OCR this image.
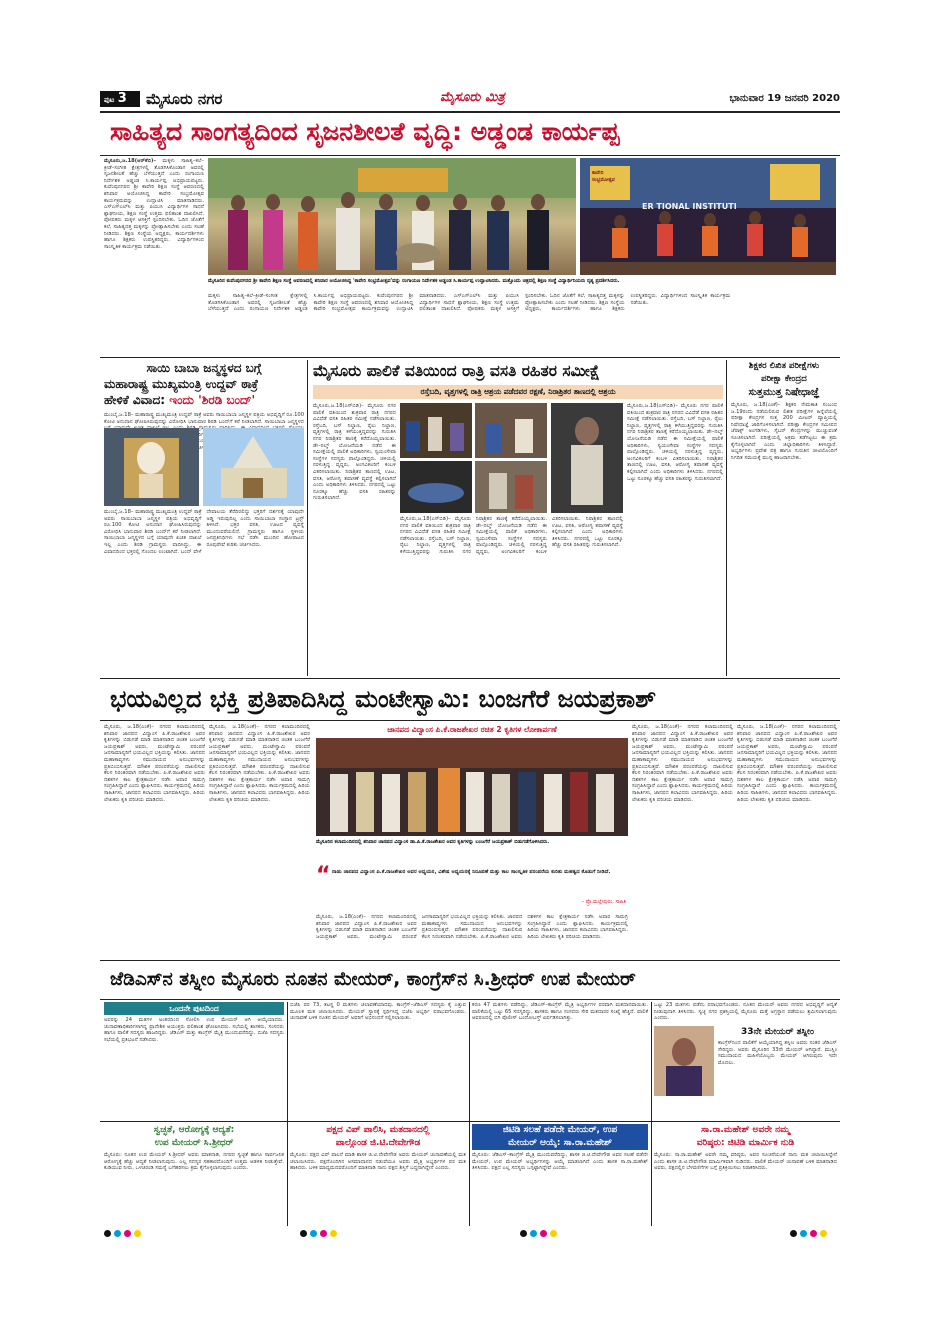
ಪುಟ 3	ಮೈಸೂರು ನಗರ	ಮೈಸೂರು ಮಿತ್ರ	ಭಾನುವಾರ 19 ಜನವರಿ 2020
ಸಾಹಿತ್ಯದ ಸಾಂಗತ್ಯದಿಂದ ಸೃಜನಶೀಲತೆ ವೃದ್ಧಿ: ಅಡ್ಡಂಡ ಕಾರ್ಯಪ್ಪ
ಮೈಸೂರು,ಜ.18(ಆರ್‌ಕೆಬಿ)– ಮಕ್ಕಳು ಸಾಹಿತ್ಯ–ಕಲೆ–ಕ್ರೀಡೆ–ಸಂಗೀತ ಕ್ಷೇತ್ರಗಳಲ್ಲಿ ತೊಡಗಿಸಿಕೊಂಡಾಗ ಅವರಲ್ಲಿ ಸೃಜನಶೀಲತೆ ಹೆಚ್ಚು ಬೆಳೆಯುತ್ತದೆ ಎಂದು ರಂಗಾಯಣ ನಿರ್ದೇಶಕ ಅಡ್ಡಂಡ ಸಿ.ಕಾರ್ಯಪ್ಪ ಅಭಿಪ್ರಾಯಪಟ್ಟರು. ಕುವೆಂಪುನಗರದ ಶ್ರೀ ಕಾವೇರಿ ಶಿಕ್ಷಣ ಸಂಸ್ಥೆ ಆವರಣದಲ್ಲಿ ಶನಿವಾರ ಆಯೋಜಿಸಿದ್ದ ಕಾವೇರಿ ಸಂಭ್ರಮೋತ್ಸವ ಕಾರ್ಯಕ್ರಮವನ್ನು ಉದ್ಘಾಟಿಸಿ ಮಾತನಾಡಿದರು. ಎಸ್‌ಎಸ್‌ಎಲ್‌ಸಿ ಮತ್ತು ಪಿಯುಸಿ ವಿದ್ಯಾರ್ಥಿಗಳ ಸಾಧನೆ ಶ್ಲಾಘನೀಯ, ಶಿಕ್ಷಣ ಸಂಸ್ಥೆ ಉತ್ತಮ ಫಲಿತಾಂಶ ದಾಖಲಿಸಿದೆ. ಪೋಷಕರು ಮಕ್ಕಳ ಆಸಕ್ತಿಗೆ ಸ್ಪಂದಿಸಬೇಕು. ಓದಿನ ಜೊತೆಗೆ ಕಲೆ, ಸಾಹಿತ್ಯದತ್ತ ಮಕ್ಕಳನ್ನು ಪ್ರೋತ್ಸಾಹಿಸಬೇಕು ಎಂದು ಸಲಹೆ ನೀಡಿದರು. ಶಿಕ್ಷಣ ಸಂಸ್ಥೆಯ ಅಧ್ಯಕ್ಷರು, ಕಾರ್ಯದರ್ಶಿಗಳು ಹಾಗೂ ಶಿಕ್ಷಕರು ಉಪಸ್ಥಿತರಿದ್ದರು. ವಿದ್ಯಾರ್ಥಿಗಳಿಂದ ಸಾಂಸ್ಕೃತಿಕ ಕಾರ್ಯಕ್ರಮ ನಡೆಯಿತು.
ಕಾವೇರಿ
ಸಂಭ್ರಮೋತ್ಸವ
ER TIONAL INSTITUTI
ಮೈಸೂರಿನ ಕುವೆಂಪುನಗರದ ಶ್ರೀ ಕಾವೇರಿ ಶಿಕ್ಷಣ ಸಂಸ್ಥೆ ಆವರಣದಲ್ಲಿ ಶನಿವಾರ ಆಯೋಜಿಸಿದ್ದ 'ಕಾವೇರಿ ಸಂಭ್ರಮೋತ್ಸವ'ವನ್ನು ರಂಗಾಯಣ ನಿರ್ದೇಶಕ ಅಡ್ಡಂಡ ಸಿ.ಕಾರ್ಯಪ್ಪ ಉದ್ಘಾಟಿಸಿದರು. ಮತ್ತೊಂದು ಚಿತ್ರದಲ್ಲಿ ಶಿಕ್ಷಣ ಸಂಸ್ಥೆ ವಿದ್ಯಾರ್ಥಿನಿಯರು ನೃತ್ಯ ಪ್ರದರ್ಶಿಸಿದರು.
ಮಕ್ಕಳು ಸಾಹಿತ್ಯ–ಕಲೆ–ಕ್ರೀಡೆ–ಸಂಗೀತ ಕ್ಷೇತ್ರಗಳಲ್ಲಿ ತೊಡಗಿಸಿಕೊಂಡಾಗ ಅವರಲ್ಲಿ ಸೃಜನಶೀಲತೆ ಹೆಚ್ಚು ಬೆಳೆಯುತ್ತದೆ ಎಂದು ರಂಗಾಯಣ ನಿರ್ದೇಶಕ ಅಡ್ಡಂಡ ಸಿ.ಕಾರ್ಯಪ್ಪ ಅಭಿಪ್ರಾಯಪಟ್ಟರು. ಕುವೆಂಪುನಗರದ ಶ್ರೀ ಕಾವೇರಿ ಶಿಕ್ಷಣ ಸಂಸ್ಥೆ ಆವರಣದಲ್ಲಿ ಶನಿವಾರ ಆಯೋಜಿಸಿದ್ದ ಕಾವೇರಿ ಸಂಭ್ರಮೋತ್ಸವ ಕಾರ್ಯಕ್ರಮವನ್ನು ಉದ್ಘಾಟಿಸಿ ಮಾತನಾಡಿದರು. ಎಸ್‌ಎಸ್‌ಎಲ್‌ಸಿ ಮತ್ತು ಪಿಯುಸಿ ವಿದ್ಯಾರ್ಥಿಗಳ ಸಾಧನೆ ಶ್ಲಾಘನೀಯ, ಶಿಕ್ಷಣ ಸಂಸ್ಥೆ ಉತ್ತಮ ಫಲಿತಾಂಶ ದಾಖಲಿಸಿದೆ. ಪೋಷಕರು ಮಕ್ಕಳ ಆಸಕ್ತಿಗೆ ಸ್ಪಂದಿಸಬೇಕು. ಓದಿನ ಜೊತೆಗೆ ಕಲೆ, ಸಾಹಿತ್ಯದತ್ತ ಮಕ್ಕಳನ್ನು ಪ್ರೋತ್ಸಾಹಿಸಬೇಕು ಎಂದು ಸಲಹೆ ನೀಡಿದರು. ಶಿಕ್ಷಣ ಸಂಸ್ಥೆಯ ಅಧ್ಯಕ್ಷರು, ಕಾರ್ಯದರ್ಶಿಗಳು ಹಾಗೂ ಶಿಕ್ಷಕರು ಉಪಸ್ಥಿತರಿದ್ದರು. ವಿದ್ಯಾರ್ಥಿಗಳಿಂದ ಸಾಂಸ್ಕೃತಿಕ ಕಾರ್ಯಕ್ರಮ ನಡೆಯಿತು.
ಸಾಯಿ ಬಾಬಾ ಜನ್ಮಸ್ಥಳದ ಬಗ್ಗೆ
ಮಹಾರಾಷ್ಟ್ರ ಮುಖ್ಯಮಂತ್ರಿ ಉದ್ದವ್ ಠಾಕ್ರೆ
ಹೇಳಿಕೆ ವಿವಾದ: ಇಂದು 'ಶಿರಡಿ ಬಂದ್'
ಮುಂಬೈ,ಜ.18– ಮಹಾರಾಷ್ಟ್ರ ಮುಖ್ಯಮಂತ್ರಿ ಉದ್ಧವ್ ಠಾಕ್ರೆ ಅವರು ಸಾಯಿಬಾಬಾ ಜನ್ಮಸ್ಥಳ ಪತ್ರಿಯ ಅಭಿವೃದ್ಧಿಗೆ ರೂ.100 ಕೋಟಿ ಅನುದಾನ ಘೋಷಿಸಿರುವುದನ್ನು ವಿರೋಧಿಸಿ ಭಾನುವಾರ ಶಿರಡಿ ಬಂದ್‌ಗೆ ಕರೆ ನೀಡಲಾಗಿದೆ. ಸಾಯಿಬಾಬಾ ಜನ್ಮಸ್ಥಳದ
ಮುಂಬೈ,ಜ.18– ಮಹಾರಾಷ್ಟ್ರ ಮುಖ್ಯಮಂತ್ರಿ ಉದ್ಧವ್ ಠಾಕ್ರೆ ಅವರು ಸಾಯಿಬಾಬಾ ಜನ್ಮಸ್ಥಳ ಪತ್ರಿಯ ಅಭಿವೃದ್ಧಿಗೆ ರೂ.100 ಕೋಟಿ ಅನುದಾನ ಘೋಷಿಸಿರುವುದನ್ನು ವಿರೋಧಿಸಿ ಭಾನುವಾರ ಶಿರಡಿ ಬಂದ್‌ಗೆ ಕರೆ ನೀಡಲಾಗಿದೆ. ಸಾಯಿಬಾಬಾ ಜನ್ಮಸ್ಥಳದ ಬಗ್ಗೆ ಯಾವುದೇ ಖಚಿತ ದಾಖಲೆ ಇಲ್ಲ ಎಂದು ಶಿರಡಿ ಗ್ರಾಮಸ್ಥರು ವಾದಿಸಿದ್ದು, ಈ ವಿವಾದದಿಂದ ಭಕ್ತರಲ್ಲಿ ಗೊಂದಲ ಉಂಟಾಗಿದೆ. ಬಂದ್ ವೇಳೆ ದೇವಾಲಯ ತೆರೆದಿರಲಿದ್ದು ಭಕ್ತರಿಗೆ ದರ್ಶನಕ್ಕೆ ಯಾವುದೇ ಅಡ್ಡಿ ಇರುವುದಿಲ್ಲ ಎಂದು ಸಾಯಿಬಾಬಾ ಸಂಸ್ಥಾನ ಟ್ರಸ್ಟ್ ತಿಳಿಸಿದೆ. ಭಕ್ತರ ವಸತಿ, ಊಟದ ವ್ಯವಸ್ಥೆ ಮುಂದುವರೆಯಲಿದೆ. ಗ್ರಾಮಸ್ಥರು ಹಾಗೂ ಸ್ಥಳೀಯ ಜನಪ್ರತಿನಿಧಿಗಳು ಸಭೆ ನಡೆಸಿ ಮುಂದಿನ ಹೋರಾಟದ ರೂಪುರೇಷೆ ಕುರಿತು ಚರ್ಚಿಸಿದರು.
ಮೈಸೂರು ಪಾಲಿಕೆ ವತಿಯಿಂದ ರಾತ್ರಿ ವಸತಿ ರಹಿತರ ಸಮೀಕ್ಷೆ
ರಸ್ತೆಬದಿ, ವೃತ್ತಗಳಲ್ಲಿ ರಾತ್ರಿ ಆಶ್ರಯ ಪಡೆದವರ ರಕ್ಷಣೆ, ನಿರಾಶ್ರಿತರ ತಾಣದಲ್ಲಿ ಆಶ್ರಯ
ಮೈಸೂರು,ಜ.18(ಎಸ್‌ಬಿಡಿ)– ಮೈಸೂರು ನಗರ ಪಾಲಿಕೆ ವತಿಯಿಂದ ಶುಕ್ರವಾರ ರಾತ್ರಿ ನಗರದ ವಿವಿಧೆಡೆ ವಸತಿ ರಹಿತರ ಸಮೀಕ್ಷೆ ನಡೆಸಲಾಯಿತು. ರಸ್ತೆಬದಿ, ಬಸ್ ನಿಲ್ದಾಣ, ರೈಲು ನಿಲ್ದಾಣ, ವೃತ್ತಗಳಲ್ಲಿ ರಾತ್ರಿ ಕಳೆಯುತ್ತಿದ್ದವರನ್ನು ಗುರುತಿಸಿ ನಗರ ನಿರಾಶ್ರಿತರ ತಾಣಕ್ಕೆ ಕರೆದೊಯ್ಯಲಾಯಿತು. ಡೇ–ನಲ್ಮ್ ಯೋಜನೆಯಡಿ ನಡೆದ ಈ ಸಮೀಕ್ಷೆಯಲ್ಲಿ ಪಾಲಿಕೆ ಅಧಿಕಾರಿಗಳು, ಸ್ವಯಂಸೇವಾ ಸಂಸ್ಥೆಗಳ ಸದಸ್ಯರು ಪಾಲ್ಗೊಂಡಿದ್ದರು. ಚಳಿಯಲ್ಲಿ ನರಳುತ್ತಿದ್ದ ವೃದ್ಧರು, ಅಂಗವಿಕಲರಿಗೆ ಕಂಬಳಿ ವಿತರಿಸಲಾಯಿತು. ನಿರಾಶ್ರಿತರ ತಾಣದಲ್ಲಿ ಊಟ, ವಸತಿ, ಆರೋಗ್ಯ ತಪಾಸಣೆ ವ್ಯವಸ್ಥೆ ಕಲ್ಪಿಸಲಾಗಿದೆ ಎಂದು ಅಧಿಕಾರಿಗಳು ತಿಳಿಸಿದರು. ನಗರದಲ್ಲಿ ಒಟ್ಟು ನೂರಕ್ಕೂ ಹೆಚ್ಚು ವಸತಿ ರಹಿತರನ್ನು ಗುರುತಿಸಲಾಗಿದೆ.
ಮೈಸೂರು,ಜ.18(ಎಸ್‌ಬಿಡಿ)– ಮೈಸೂರು ನಗರ ಪಾಲಿಕೆ ವತಿಯಿಂದ ಶುಕ್ರವಾರ ರಾತ್ರಿ ನಗರದ ವಿವಿಧೆಡೆ ವಸತಿ ರಹಿತರ ಸಮೀಕ್ಷೆ ನಡೆಸಲಾಯಿತು. ರಸ್ತೆಬದಿ, ಬಸ್ ನಿಲ್ದಾಣ, ರೈಲು ನಿಲ್ದಾಣ, ವೃತ್ತಗಳಲ್ಲಿ ರಾತ್ರಿ ಕಳೆಯುತ್ತಿದ್ದವರನ್ನು ಗುರುತಿಸಿ ನಗರ ನಿರಾಶ್ರಿತರ ತಾಣಕ್ಕೆ ಕರೆದೊಯ್ಯಲಾಯಿತು. ಡೇ–ನಲ್ಮ್ ಯೋಜನೆಯಡಿ ನಡೆದ ಈ ಸಮೀಕ್ಷೆಯಲ್ಲಿ ಪಾಲಿಕೆ ಅಧಿಕಾರಿಗಳು, ಸ್ವಯಂಸೇವಾ ಸಂಸ್ಥೆಗಳ ಸದಸ್ಯರು ಪಾಲ್ಗೊಂಡಿದ್ದರು. ಚಳಿಯಲ್ಲಿ ನರಳುತ್ತಿದ್ದ ವೃದ್ಧರು, ಅಂಗವಿಕಲರಿಗೆ ಕಂಬಳಿ ವಿತರಿಸಲಾಯಿತು. ನಿರಾಶ್ರಿತರ ತಾಣದಲ್ಲಿ ಊಟ, ವಸತಿ, ಆರೋಗ್ಯ ತಪಾಸಣೆ ವ್ಯವಸ್ಥೆ ಕಲ್ಪಿಸಲಾಗಿದೆ ಎಂದು ಅಧಿಕಾರಿಗಳು ತಿಳಿಸಿದರು. ನಗರದಲ್ಲಿ ಒಟ್ಟು ನೂರಕ್ಕೂ ಹೆಚ್ಚು ವಸತಿ ರಹಿತರನ್ನು ಗುರುತಿಸಲಾಗಿದೆ.
ಮೈಸೂರು,ಜ.18(ಎಸ್‌ಬಿಡಿ)– ಮೈಸೂರು ನಗರ ಪಾಲಿಕೆ ವತಿಯಿಂದ ಶುಕ್ರವಾರ ರಾತ್ರಿ ನಗರದ ವಿವಿಧೆಡೆ ವಸತಿ ರಹಿತರ ಸಮೀಕ್ಷೆ ನಡೆಸಲಾಯಿತು. ರಸ್ತೆಬದಿ, ಬಸ್ ನಿಲ್ದಾಣ, ರೈಲು ನಿಲ್ದಾಣ, ವೃತ್ತಗಳಲ್ಲಿ ರಾತ್ರಿ ಕಳೆಯುತ್ತಿದ್ದವರನ್ನು ಗುರುತಿಸಿ ನಗರ ನಿರಾಶ್ರಿತರ ತಾಣಕ್ಕೆ ಕರೆದೊಯ್ಯಲಾಯಿತು. ಡೇ–ನಲ್ಮ್ ಯೋಜನೆಯಡಿ ನಡೆದ ಈ ಸಮೀಕ್ಷೆಯಲ್ಲಿ ಪಾಲಿಕೆ ಅಧಿಕಾರಿಗಳು, ಸ್ವಯಂಸೇವಾ ಸಂಸ್ಥೆಗಳ ಸದಸ್ಯರು ಪಾಲ್ಗೊಂಡಿದ್ದರು. ಚಳಿಯಲ್ಲಿ ನರಳುತ್ತಿದ್ದ ವೃದ್ಧರು, ಅಂಗವಿಕಲರಿಗೆ ಕಂಬಳಿ ವಿತರಿಸಲಾಯಿತು. ನಿರಾಶ್ರಿತರ ತಾಣದಲ್ಲಿ ಊಟ, ವಸತಿ, ಆರೋಗ್ಯ ತಪಾಸಣೆ ವ್ಯವಸ್ಥೆ ಕಲ್ಪಿಸಲಾಗಿದೆ ಎಂದು ಅಧಿಕಾರಿಗಳು ತಿಳಿಸಿದರು. ನಗರದಲ್ಲಿ ಒಟ್ಟು ನೂರಕ್ಕೂ ಹೆಚ್ಚು ವಸತಿ ರಹಿತರನ್ನು ಗುರುತಿಸಲಾಗಿದೆ.
ಶಿಕ್ಷಕರ ಲಿಖಿತ ಪರೀಕ್ಷೆಗಳು
ಪರೀಕ್ಷಾ ಕೇಂದ್ರದ
ಸುತ್ತಮುತ್ತ ನಿಷೇಧಾಜ್ಞೆ
ಮೈಸೂರು, ಜ.18(ಎಂಕೆ)– ಶಿಕ್ಷಕರ ನೇಮಕಾತಿ ಸಂಬಂಧ ಜ.19ರಂದು ನಡೆಯಲಿರುವ ಲಿಖಿತ ಪರೀಕ್ಷೆಗಳ ಹಿನ್ನೆಲೆಯಲ್ಲಿ ಪರೀಕ್ಷಾ ಕೇಂದ್ರಗಳ ಸುತ್ತ 200 ಮೀಟರ್ ವ್ಯಾಪ್ತಿಯಲ್ಲಿ ನಿಷೇಧಾಜ್ಞೆ ಜಾರಿಗೊಳಿಸಲಾಗಿದೆ. ಪರೀಕ್ಷಾ ಕೇಂದ್ರಗಳ ಸಮೀಪದ ಜೆರಾಕ್ಸ್ ಅಂಗಡಿಗಳು, ಸೈಬರ್ ಕೇಂದ್ರಗಳನ್ನು ಮುಚ್ಚುವಂತೆ ಸೂಚಿಸಲಾಗಿದೆ. ಪರೀಕ್ಷೆಯಲ್ಲಿ ಅಕ್ರಮ ತಡೆಗಟ್ಟಲು ಈ ಕ್ರಮ ಕೈಗೊಳ್ಳಲಾಗಿದೆ ಎಂದು ಜಿಲ್ಲಾಧಿಕಾರಿಗಳು ತಿಳಿಸಿದ್ದಾರೆ. ಅಭ್ಯರ್ಥಿಗಳು ಪ್ರವೇಶ ಪತ್ರ ಹಾಗೂ ಗುರುತಿನ ಚೀಟಿಯೊಂದಿಗೆ ನಿಗದಿತ ಸಮಯಕ್ಕೆ ಮುನ್ನ ಹಾಜರಾಗಬೇಕು.
ಭಯವಿಲ್ಲದ ಭಕ್ತಿ ಪ್ರತಿಪಾದಿಸಿದ್ದ ಮಂಟೇಸ್ವಾಮಿ: ಬಂಜಗೆರೆ ಜಯಪ್ರಕಾಶ್
ಮೈಸೂರು, ಜ.18(ಎಂಕೆ)– ನಗರದ ಕಲಾಮಂದಿರದಲ್ಲಿ ಶನಿವಾರ ಜಾನಪದ ವಿದ್ವಾಂಸ ಪಿ.ಕೆ.ರಾಜಶೇಖರ ಅವರ ಕೃತಿಗಳನ್ನು ಬಿಡುಗಡೆ ಮಾಡಿ ಮಾತನಾಡಿದ ಚಿಂತಕ ಬಂಜಗೆರೆ ಜಯಪ್ರಕಾಶ್ ಅವರು, ಮಂಟೇಸ್ವಾಮಿ ಪರಂಪರೆ ಜನಸಾಮಾನ್ಯರಿಗೆ ಭಯವಿಲ್ಲದ ಭಕ್ತಿಯನ್ನು ಕಲಿಸಿತು. ಜಾನಪದ ಮಹಾಕಾವ್ಯಗಳು ಸಮುದಾಯದ ಅನುಭವಗಳನ್ನು ಪ್ರತಿಬಿಂಬಿಸುತ್ತವೆ. ಮೌಖಿಕ ಪರಂಪರೆಯನ್ನು ದಾಖಲಿಸುವ ಕೆಲಸ ನಿರಂತರವಾಗಿ ನಡೆಯಬೇಕು. ಪಿ.ಕೆ.ರಾಜಶೇಖರ ಅವರು ದಶಕಗಳ ಕಾಲ ಕ್ಷೇತ್ರಕಾರ್ಯ ನಡೆಸಿ ಅಪಾರ ಸಾಮಗ್ರಿ ಸಂಗ್ರಹಿಸಿದ್ದಾರೆ ಎಂದು ಶ್ಲಾಘಿಸಿದರು. ಕಾರ್ಯಕ್ರಮದಲ್ಲಿ ಹಿರಿಯ ಸಾಹಿತಿಗಳು, ಜಾನಪದ ಕಲಾವಿದರು ಭಾಗವಹಿಸಿದ್ದರು. ಹಿರಿಯ ಲೇಖಕರು ಕೃತಿ ಪರಿಚಯ ಮಾಡಿದರು.
ಮೈಸೂರು, ಜ.18(ಎಂಕೆ)– ನಗರದ ಕಲಾಮಂದಿರದಲ್ಲಿ ಶನಿವಾರ ಜಾನಪದ ವಿದ್ವಾಂಸ ಪಿ.ಕೆ.ರಾಜಶೇಖರ ಅವರ ಕೃತಿಗಳನ್ನು ಬಿಡುಗಡೆ ಮಾಡಿ ಮಾತನಾಡಿದ ಚಿಂತಕ ಬಂಜಗೆರೆ ಜಯಪ್ರಕಾಶ್ ಅವರು, ಮಂಟೇಸ್ವಾಮಿ ಪರಂಪರೆ ಜನಸಾಮಾನ್ಯರಿಗೆ ಭಯವಿಲ್ಲದ ಭಕ್ತಿಯನ್ನು ಕಲಿಸಿತು. ಜಾನಪದ ಮಹಾಕಾವ್ಯಗಳು ಸಮುದಾಯದ ಅನುಭವಗಳನ್ನು ಪ್ರತಿಬಿಂಬಿಸುತ್ತವೆ. ಮೌಖಿಕ ಪರಂಪರೆಯನ್ನು ದಾಖಲಿಸುವ ಕೆಲಸ ನಿರಂತರವಾಗಿ ನಡೆಯಬೇಕು. ಪಿ.ಕೆ.ರಾಜಶೇಖರ ಅವರು ದಶಕಗಳ ಕಾಲ ಕ್ಷೇತ್ರಕಾರ್ಯ ನಡೆಸಿ ಅಪಾರ ಸಾಮಗ್ರಿ ಸಂಗ್ರಹಿಸಿದ್ದಾರೆ ಎಂದು ಶ್ಲಾಘಿಸಿದರು. ಕಾರ್ಯಕ್ರಮದಲ್ಲಿ ಹಿರಿಯ ಸಾಹಿತಿಗಳು, ಜಾನಪದ ಕಲಾವಿದರು ಭಾಗವಹಿಸಿದ್ದರು. ಹಿರಿಯ ಲೇಖಕರು ಕೃತಿ ಪರಿಚಯ ಮಾಡಿದರು.
ಜಾನಪದ ವಿದ್ವಾಂಸ ಪಿ.ಕೆ.ರಾಜಶೇಖರ ರಚಿತ 2 ಕೃತಿಗಳ ಲೋಕಾರ್ಪಣೆ
ಮೈಸೂರಿನ ಕಲಾಮಂದಿರದಲ್ಲಿ ಶನಿವಾರ ಜಾನಪದ ವಿದ್ವಾಂಸ ಡಾ.ಪಿ.ಕೆ.ರಾಜಶೇಖರ ಅವರ ಕೃತಿಗಳನ್ನು ಬಂಜಗೆರೆ ಜಯಪ್ರಕಾಶ್ ಬಿಡುಗಡೆಗೊಳಿಸಿದರು.
“ ನಾಡು ಜಾನಪದ ವಿದ್ವಾಂಸ ಪಿ.ಕೆ.ರಾಜಶೇಖರ ಅವರ ಅಧ್ಯಯನ, ವಿಶೇಷ ಅಧ್ಯಯನಕ್ಕೆ ನಿರೂಪಣೆ ಮತ್ತು ಕಾಲ ಸಾಂಸ್ಕೃತಿಕ ಪರಂಪರೆಯ ಕುರಿತು ಮಹತ್ವದ ಕೊಡುಗೆ ನೀಡಿದೆ.
– ಪ್ರೊ.ಮಲ್ಲೇಪುರಂ, ಸಾಹಿತಿ
ಮೈಸೂರು, ಜ.18(ಎಂಕೆ)– ನಗರದ ಕಲಾಮಂದಿರದಲ್ಲಿ ಶನಿವಾರ ಜಾನಪದ ವಿದ್ವಾಂಸ ಪಿ.ಕೆ.ರಾಜಶೇಖರ ಅವರ ಕೃತಿಗಳನ್ನು ಬಿಡುಗಡೆ ಮಾಡಿ ಮಾತನಾಡಿದ ಚಿಂತಕ ಬಂಜಗೆರೆ ಜಯಪ್ರಕಾಶ್ ಅವರು, ಮಂಟೇಸ್ವಾಮಿ ಪರಂಪರೆ ಜನಸಾಮಾನ್ಯರಿಗೆ ಭಯವಿಲ್ಲದ ಭಕ್ತಿಯನ್ನು ಕಲಿಸಿತು. ಜಾನಪದ ಮಹಾಕಾವ್ಯಗಳು ಸಮುದಾಯದ ಅನುಭವಗಳನ್ನು ಪ್ರತಿಬಿಂಬಿಸುತ್ತವೆ. ಮೌಖಿಕ ಪರಂಪರೆಯನ್ನು ದಾಖಲಿಸುವ ಕೆಲಸ ನಿರಂತರವಾಗಿ ನಡೆಯಬೇಕು. ಪಿ.ಕೆ.ರಾಜಶೇಖರ ಅವರು ದಶಕಗಳ ಕಾಲ ಕ್ಷೇತ್ರಕಾರ್ಯ ನಡೆಸಿ ಅಪಾರ ಸಾಮಗ್ರಿ ಸಂಗ್ರಹಿಸಿದ್ದಾರೆ ಎಂದು ಶ್ಲಾಘಿಸಿದರು. ಕಾರ್ಯಕ್ರಮದಲ್ಲಿ ಹಿರಿಯ ಸಾಹಿತಿಗಳು, ಜಾನಪದ ಕಲಾವಿದರು ಭಾಗವಹಿಸಿದ್ದರು. ಹಿರಿಯ ಲೇಖಕರು ಕೃತಿ ಪರಿಚಯ ಮಾಡಿದರು.
ಮೈಸೂರು, ಜ.18(ಎಂಕೆ)– ನಗರದ ಕಲಾಮಂದಿರದಲ್ಲಿ ಶನಿವಾರ ಜಾನಪದ ವಿದ್ವಾಂಸ ಪಿ.ಕೆ.ರಾಜಶೇಖರ ಅವರ ಕೃತಿಗಳನ್ನು ಬಿಡುಗಡೆ ಮಾಡಿ ಮಾತನಾಡಿದ ಚಿಂತಕ ಬಂಜಗೆರೆ ಜಯಪ್ರಕಾಶ್ ಅವರು, ಮಂಟೇಸ್ವಾಮಿ ಪರಂಪರೆ ಜನಸಾಮಾನ್ಯರಿಗೆ ಭಯವಿಲ್ಲದ ಭಕ್ತಿಯನ್ನು ಕಲಿಸಿತು. ಜಾನಪದ ಮಹಾಕಾವ್ಯಗಳು ಸಮುದಾಯದ ಅನುಭವಗಳನ್ನು ಪ್ರತಿಬಿಂಬಿಸುತ್ತವೆ. ಮೌಖಿಕ ಪರಂಪರೆಯನ್ನು ದಾಖಲಿಸುವ ಕೆಲಸ ನಿರಂತರವಾಗಿ ನಡೆಯಬೇಕು. ಪಿ.ಕೆ.ರಾಜಶೇಖರ ಅವರು ದಶಕಗಳ ಕಾಲ ಕ್ಷೇತ್ರಕಾರ್ಯ ನಡೆಸಿ ಅಪಾರ ಸಾಮಗ್ರಿ ಸಂಗ್ರಹಿಸಿದ್ದಾರೆ ಎಂದು ಶ್ಲಾಘಿಸಿದರು. ಕಾರ್ಯಕ್ರಮದಲ್ಲಿ ಹಿರಿಯ ಸಾಹಿತಿಗಳು, ಜಾನಪದ ಕಲಾವಿದರು ಭಾಗವಹಿಸಿದ್ದರು. ಹಿರಿಯ ಲೇಖಕರು ಕೃತಿ ಪರಿಚಯ ಮಾಡಿದರು.
ಮೈಸೂರು, ಜ.18(ಎಂಕೆ)– ನಗರದ ಕಲಾಮಂದಿರದಲ್ಲಿ ಶನಿವಾರ ಜಾನಪದ ವಿದ್ವಾಂಸ ಪಿ.ಕೆ.ರಾಜಶೇಖರ ಅವರ ಕೃತಿಗಳನ್ನು ಬಿಡುಗಡೆ ಮಾಡಿ ಮಾತನಾಡಿದ ಚಿಂತಕ ಬಂಜಗೆರೆ ಜಯಪ್ರಕಾಶ್ ಅವರು, ಮಂಟೇಸ್ವಾಮಿ ಪರಂಪರೆ ಜನಸಾಮಾನ್ಯರಿಗೆ ಭಯವಿಲ್ಲದ ಭಕ್ತಿಯನ್ನು ಕಲಿಸಿತು. ಜಾನಪದ ಮಹಾಕಾವ್ಯಗಳು ಸಮುದಾಯದ ಅನುಭವಗಳನ್ನು ಪ್ರತಿಬಿಂಬಿಸುತ್ತವೆ. ಮೌಖಿಕ ಪರಂಪರೆಯನ್ನು ದಾಖಲಿಸುವ ಕೆಲಸ ನಿರಂತರವಾಗಿ ನಡೆಯಬೇಕು. ಪಿ.ಕೆ.ರಾಜಶೇಖರ ಅವರು ದಶಕಗಳ ಕಾಲ ಕ್ಷೇತ್ರಕಾರ್ಯ ನಡೆಸಿ ಅಪಾರ ಸಾಮಗ್ರಿ ಸಂಗ್ರಹಿಸಿದ್ದಾರೆ ಎಂದು ಶ್ಲಾಘಿಸಿದರು. ಕಾರ್ಯಕ್ರಮದಲ್ಲಿ ಹಿರಿಯ ಸಾಹಿತಿಗಳು, ಜಾನಪದ ಕಲಾವಿದರು ಭಾಗವಹಿಸಿದ್ದರು. ಹಿರಿಯ ಲೇಖಕರು ಕೃತಿ ಪರಿಚಯ ಮಾಡಿದರು.
ಜೆಡಿಎಸ್‌ನ ತಸ್ನೀಂ ಮೈಸೂರು ನೂತನ ಮೇಯರ್, ಕಾಂಗ್ರೆಸ್‌ನ ಸಿ.ಶ್ರೀಧರ್ ಉಪ ಮೇಯರ್
ಒಂದನೇ ಪುಟದಿಂದ
ಅವರನ್ನು 24 ಮತಗಳ ಅಂತರದಿಂದ ಸೋಲಿಸಿ ಉಪ ಮೇಯರ್ ಆಗಿ ಆಯ್ಕೆಯಾದರು. ಚುನಾವಣಾಧಿಕಾರಿಗಳಾಗಿದ್ದ ಪ್ರಾದೇಶಿಕ ಆಯುಕ್ತರು ಫಲಿತಾಂಶ ಘೋಷಿಸಿದರು. ಸಭೆಯಲ್ಲಿ ಶಾಸಕರು, ಸಂಸದರು ಹಾಗೂ ಪಾಲಿಕೆ ಸದಸ್ಯರು ಹಾಜರಿದ್ದರು. ಜೆಡಿಎಸ್ ಮತ್ತು ಕಾಂಗ್ರೆಸ್ ಮೈತ್ರಿ ಮುಂದುವರೆದಿದ್ದು, ಬಿಜೆಪಿ ಸದಸ್ಯರು ಸಭೆಯಲ್ಲಿ ಪ್ರತಿಭಟನೆ ನಡೆಸಿದರು.
ಬಿಜೆಪಿ ಪರ 73, ತಟಸ್ಥ 0 ಮತಗಳು ಚಲಾವಣೆಯಾದವು. ಕಾಂಗ್ರೆಸ್–ಜೆಡಿಎಸ್ ಸದಸ್ಯರು ಕೈ ಎತ್ತುವ ಮೂಲಕ ಮತ ಚಲಾಯಿಸಿದರು. ಮೇಯರ್ ಸ್ಥಾನಕ್ಕೆ ಸ್ಪರ್ಧಿಸಿದ್ದ ಬಿಜೆಪಿ ಅಭ್ಯರ್ಥಿ ಪರಾಭವಗೊಂಡರು. ಚುನಾವಣೆ ಬಳಿಕ ನೂತನ ಮೇಯರ್ ಅವರಿಗೆ ಅಭಿನಂದನೆ ಸಲ್ಲಿಸಲಾಯಿತು.
ಕರಣ 47 ಮತಗಳು ಪಡೆದಿದ್ದು, ಜೆಡಿಎಸ್–ಕಾಂಗ್ರೆಸ್ ಮೈತ್ರಿ ಅಭ್ಯರ್ಥಿಗಳ ಪರವಾಗಿ ಮತದಾನವಾಯಿತು. ಪಾಲಿಕೆಯಲ್ಲಿ ಒಟ್ಟು 65 ಸದಸ್ಯರಿದ್ದು, ಶಾಸಕರು ಹಾಗೂ ಸಂಸದರು ಸೇರಿ ಮತದಾರರ ಸಂಖ್ಯೆ ಹೆಚ್ಚಿದೆ. ಪಾಲಿಕೆ ಆವರಣದಲ್ಲಿ ಬಿಗಿ ಪೊಲೀಸ್ ಬಂದೋಬಸ್ತ್ ಏರ್ಪಡಿಸಲಾಗಿತ್ತು.
ಒಟ್ಟು 23 ಮತಗಳು ಪಡೆದು ಪರಾಭವಗೊಂಡರು. ನೂತನ ಮೇಯರ್ ಅವರು ನಗರದ ಅಭಿವೃದ್ಧಿಗೆ ಆದ್ಯತೆ ನೀಡುವುದಾಗಿ ತಿಳಿಸಿದರು. ಸ್ವಚ್ಛ ನಗರ ಪ್ರಶಸ್ತಿಯಲ್ಲಿ ಮೈಸೂರು ಮತ್ತೆ ಅಗ್ರಸ್ಥಾನ ಪಡೆಯಲು ಶ್ರಮಿಸಲಾಗುವುದು ಎಂದರು.
33ನೇ ಮೇಯರ್ ತಸ್ನೀಂ
ಕಾಂಗ್ರೆಸ್‌ನಿಂದ ಪಾಲಿಕೆಗೆ ಆಯ್ಕೆಯಾಗಿದ್ದ ತಸ್ನೀಂ ಅವರು ನಂತರ ಜೆಡಿಎಸ್ ಸೇರಿದ್ದರು. ಅವರು ಮೈಸೂರಿನ 33ನೇ ಮೇಯರ್ ಆಗಿದ್ದಾರೆ. ಮುಸ್ಲಿಂ ಸಮುದಾಯದ ಮಹಿಳೆಯೊಬ್ಬರು ಮೇಯರ್ ಆಗಿರುವುದು ಇದೇ ಮೊದಲು.
ಸ್ವಚ್ಛತೆ, ಆರೋಗ್ಯಕ್ಕೆ ಆದ್ಯತೆ:
ಉಪ ಮೇಯರ್ ಸಿ.ಶ್ರೀಧರ್
ಮೈಸೂರು: ನೂತನ ಉಪ ಮೇಯರ್ ಸಿ.ಶ್ರೀಧರ್ ಅವರು ಮಾತನಾಡಿ, ನಗರದ ಸ್ವಚ್ಛತೆ ಹಾಗೂ ಸಾರ್ವಜನಿಕ ಆರೋಗ್ಯಕ್ಕೆ ಹೆಚ್ಚು ಆದ್ಯತೆ ನೀಡಲಾಗುವುದು. ಎಲ್ಲ ಸದಸ್ಯರ ಸಹಕಾರದೊಂದಿಗೆ ಉತ್ತಮ ಆಡಳಿತ ನೀಡುತ್ತೇವೆ. ಕುಡಿಯುವ ನೀರು, ಒಳಚರಂಡಿ ಸಮಸ್ಯೆ ಬಗೆಹರಿಸಲು ಕ್ರಮ ಕೈಗೊಳ್ಳಲಾಗುವುದು ಎಂದರು.
ಪಕ್ಷದ ವಿಪ್ ಪಾಲಿಸಿ, ಮತದಾನದಲ್ಲಿ
ಪಾಲ್ಗೊಂಡ ಜಿ.ಟಿ.ದೇವೇಗೌಡ
ಮೈಸೂರು: ಪಕ್ಷದ ವಿಪ್ ಪಾಲನೆ ಮಾಡಿ ಶಾಸಕ ಜಿ.ಟಿ.ದೇವೇಗೌಡ ಅವರು ಮೇಯರ್ ಚುನಾವಣೆಯಲ್ಲಿ ಮತ ಚಲಾಯಿಸಿದರು. ಪಕ್ಷದೊಂದಿಗಿನ ಅಸಮಾಧಾನದ ನಡುವೆಯೂ ಅವರು ಮೈತ್ರಿ ಅಭ್ಯರ್ಥಿಗಳ ಪರ ಮತ ಹಾಕಿದರು. ಬಳಿಕ ಮಾಧ್ಯಮದವರೊಂದಿಗೆ ಮಾತನಾಡಿ ನಾನು ಪಕ್ಷದ ಶಿಸ್ತಿಗೆ ಬದ್ಧನಾಗಿದ್ದೇನೆ ಎಂದರು.
ಜಿಟಿಡಿ ಸಲಹೆ ಪಡೆದೇ ಮೇಯರ್, ಉಪ
ಮೇಯರ್ ಆಯ್ಕೆ: ಸಾ.ರಾ.ಮಹೇಶ್
ಮೈಸೂರು: ಜೆಡಿಎಸ್–ಕಾಂಗ್ರೆಸ್ ಮೈತ್ರಿ ಮುಂದುವರೆದಿದ್ದು, ಶಾಸಕ ಜಿ.ಟಿ.ದೇವೇಗೌಡ ಅವರ ಸಲಹೆ ಪಡೆದೇ ಮೇಯರ್, ಉಪ ಮೇಯರ್ ಅಭ್ಯರ್ಥಿಗಳನ್ನು ಆಯ್ಕೆ ಮಾಡಲಾಗಿದೆ ಎಂದು ಶಾಸಕ ಸಾ.ರಾ.ಮಹೇಶ್ ತಿಳಿಸಿದರು. ಪಕ್ಷದ ಎಲ್ಲ ಸದಸ್ಯರು ಒಗ್ಗಟ್ಟಾಗಿದ್ದೇವೆ ಎಂದರು.
ಸಾ.ರಾ.ಮಹೇಶ್ ಅವರೇ ನಮ್ಮ
ವರಿಷ್ಠರು: ಜಿಟಿಡಿ ಮಾರ್ಮಿಕ ನುಡಿ
ಮೈಸೂರು: ಸಾ.ರಾ.ಮಹೇಶ್ ಅವರೇ ನಮ್ಮ ವರಿಷ್ಠರು, ಅವರ ಸೂಚನೆಯಂತೆ ನಾನು ಮತ ಚಲಾಯಿಸಿದ್ದೇನೆ ಎಂದು ಶಾಸಕ ಜಿ.ಟಿ.ದೇವೇಗೌಡ ಮಾರ್ಮಿಕವಾಗಿ ನುಡಿದರು. ಪಾಲಿಕೆ ಮೇಯರ್ ಚುನಾವಣೆ ಬಳಿಕ ಮಾತನಾಡಿದ ಅವರು, ಪಕ್ಷದಲ್ಲಿನ ಬೆಳವಣಿಗೆಗಳ ಬಗ್ಗೆ ಪ್ರತಿಕ್ರಿಯಿಸಲು ನಿರಾಕರಿಸಿದರು.
